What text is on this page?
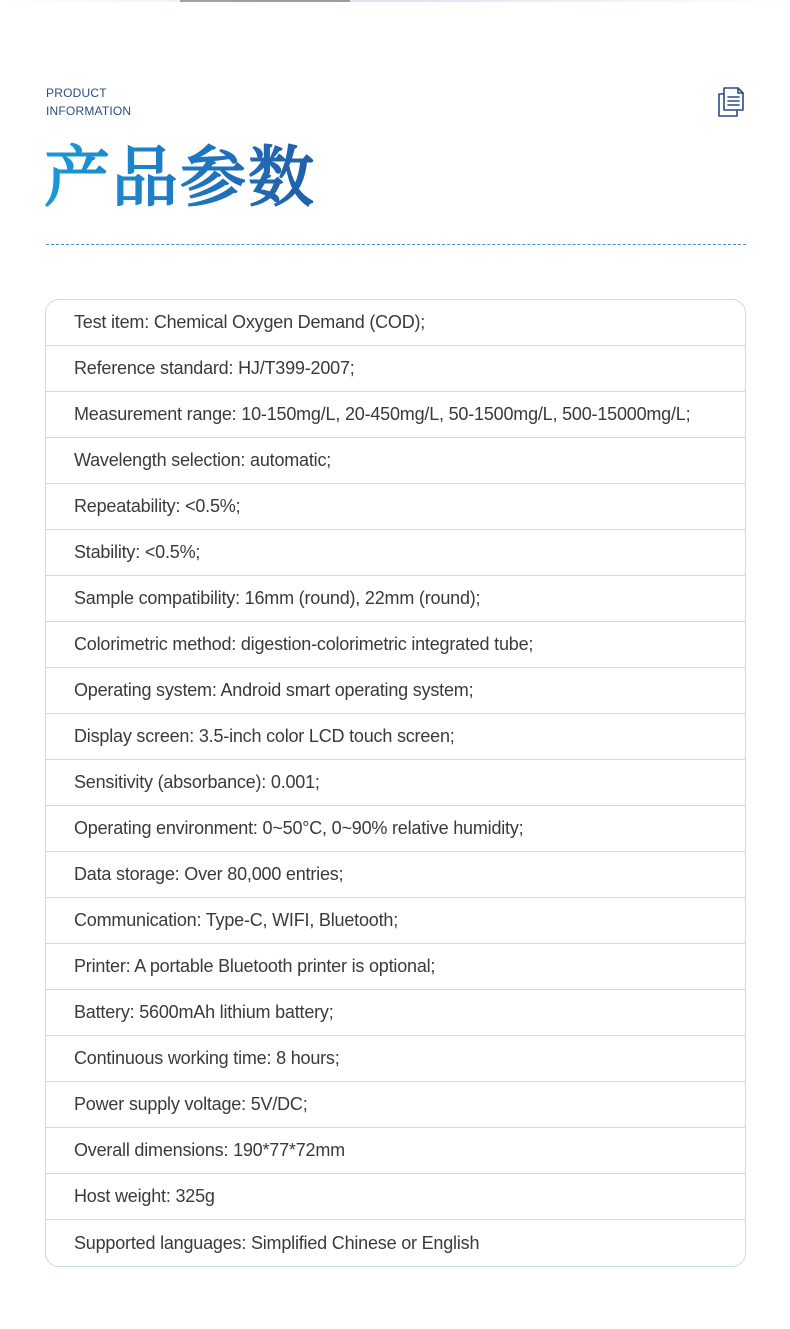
PRODUCT
INFORMATION
产品参数
Test item: Chemical Oxygen Demand (COD);
Reference standard: HJ/T399-2007;
Measurement range: 10-150mg/L, 20-450mg/L, 50-1500mg/L, 500-15000mg/L;
Wavelength selection: automatic;
Repeatability: <0.5%;
Stability: <0.5%;
Sample compatibility: 16mm (round), 22mm (round);
Colorimetric method: digestion-colorimetric integrated tube;
Operating system: Android smart operating system;
Display screen: 3.5-inch color LCD touch screen;
Sensitivity (absorbance): 0.001;
Operating environment: 0~50°C, 0~90% relative humidity;
Data storage: Over 80,000 entries;
Communication: Type-C, WIFI, Bluetooth;
Printer: A portable Bluetooth printer is optional;
Battery: 5600mAh lithium battery;
Continuous working time: 8 hours;
Power supply voltage: 5V/DC;
Overall dimensions: 190*77*72mm
Host weight: 325g
Supported languages: Simplified Chinese or English
